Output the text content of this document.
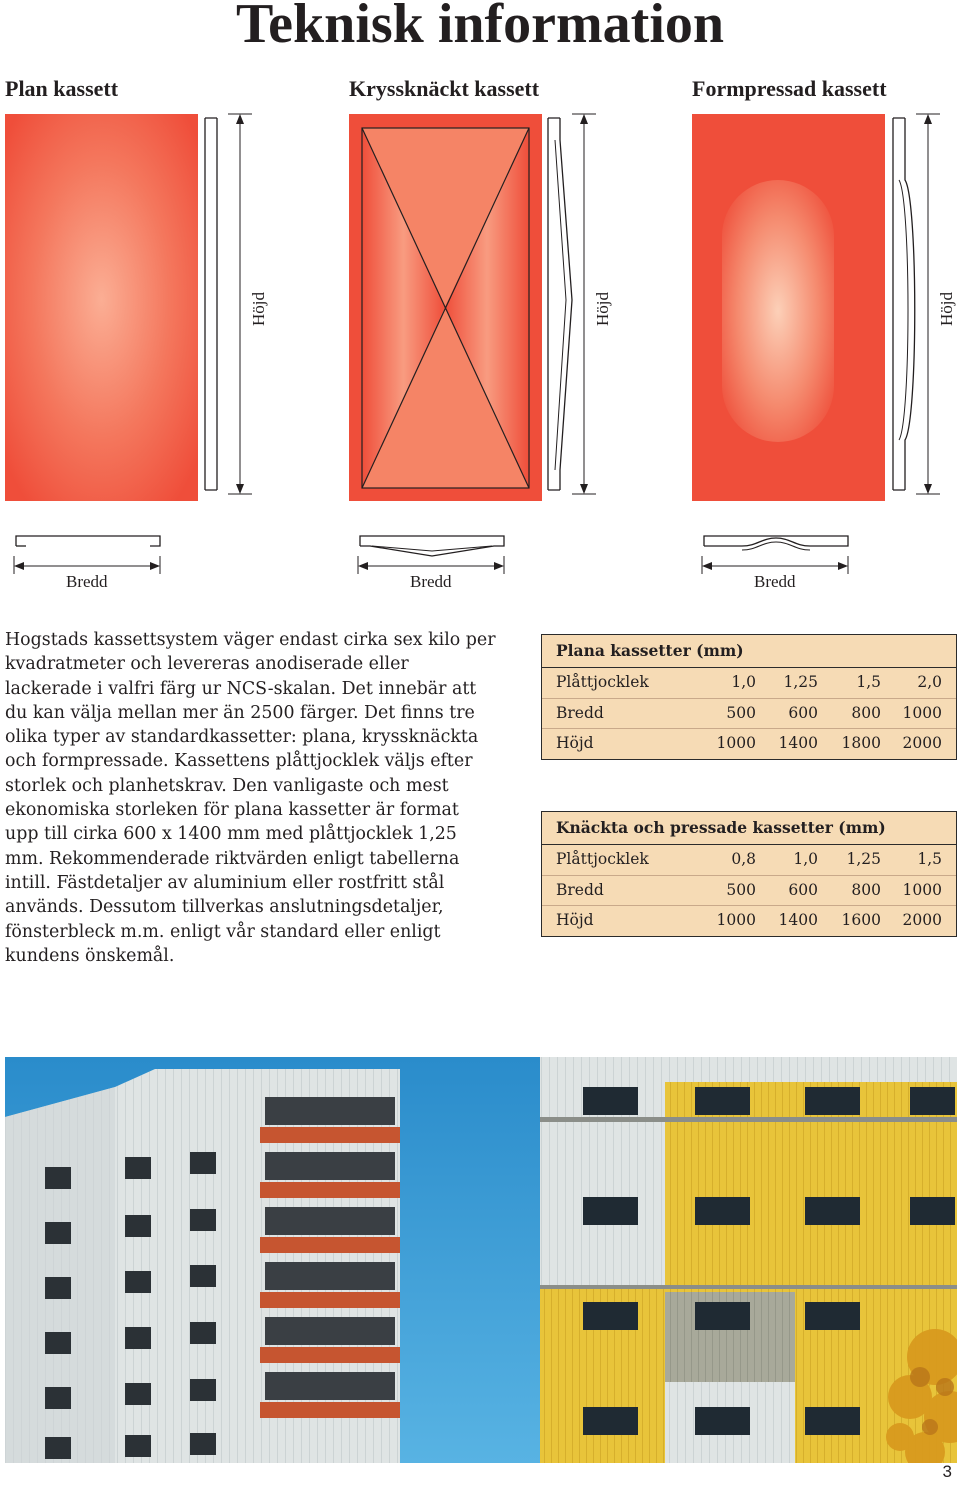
Teknisk information
Plan kassett	Kryssknäckt kassett	Formpressad kassett
Höjd	Höjd	Höjd
Bredd	Bredd	Bredd

Hogstads kassettsystem väger endast cirka sex kilo per kvadratmeter och levereras anodiserade eller lackerade i valfri färg ur NCS-skalan. Det innebär att du kan välja mellan mer än 2500 färger. Det finns tre olika typer av standardkassetter: plana, kryssknäckta och formpressade. Kassettens plåttjocklek väljs efter storlek och planhetskrav. Den vanligaste och mest ekonomiska storleken för plana kassetter är format upp till cirka 600 x 1400 mm med plåttjocklek 1,25 mm. Rekommenderade riktvärden enligt tabellerna intill. Fästdetaljer av aluminium eller rostfritt stål används. Dessutom tillverkas anslutningsdetaljer, fönsterbleck m.m. enligt vår standard eller enligt kundens önskemål.

Plana kassetter (mm)
Plåttjocklek	1,0	1,25	1,5	2,0
Bredd	500	600	800	1000
Höjd	1000	1400	1800	2000
Knäckta och pressade kassetter (mm)
Plåttjocklek	0,8	1,0	1,25	1,5
Bredd	500	600	800	1000
Höjd	1000	1400	1600	2000
3
